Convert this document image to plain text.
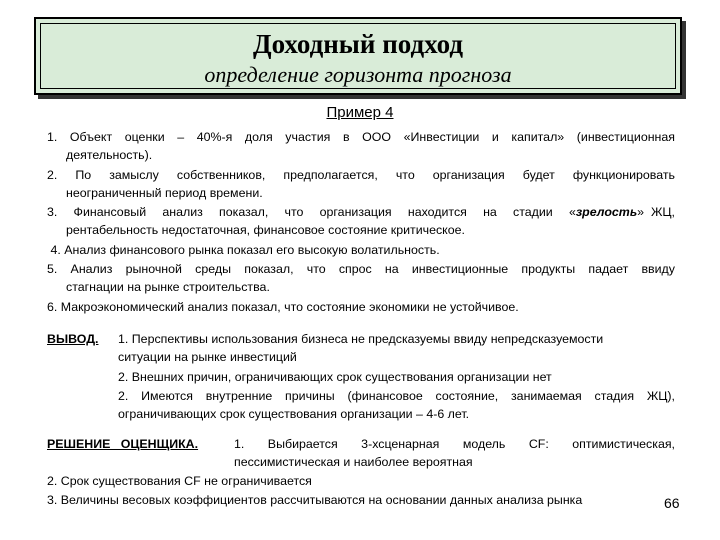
Доходный подход
определение горизонта прогноза
Пример 4
1. Объект оценки – 40%-я доля участия в ООО «Инвестиции и капитал» (инвестиционная
деятельность).
2. По замыслу собственников, предполагается, что организация будет функционировать
неограниченный период времени.
3. Финансовый анализ показал, что организация находится на стадии « зрелость »  ЖЦ,
рентабельность недостаточная, финансовое состояние критическое.
4. Анализ финансового рынка показал его высокую волатильность.
5. Анализ рыночной среды показал, что спрос на инвестиционные продукты падает ввиду
стагнации на рынке строительства.
6. Макроэкономический анализ показал, что состояние экономики не устойчивое.
ВЫВОД. 1. Перспективы использования бизнеса не предсказуемы ввиду непредсказуемости
ситуации на рынке инвестиций
2. Внешних причин, ограничивающих срок существования организации нет
2. Имеются внутренние причины (финансовое состояние, занимаемая стадия ЖЦ),
ограничивающих срок существования организации – 4-6 лет.
РЕШЕНИЕ   ОЦЕНЩИКА.	1.    Выбирается    3-хсценарная    модель    CF:    оптимистическая,
пессимистическая и наиболее вероятная
2. Срок существования CF не ограничивается
3. Величины весовых коэффициентов рассчитываются на основании данных анализа рынка	66
